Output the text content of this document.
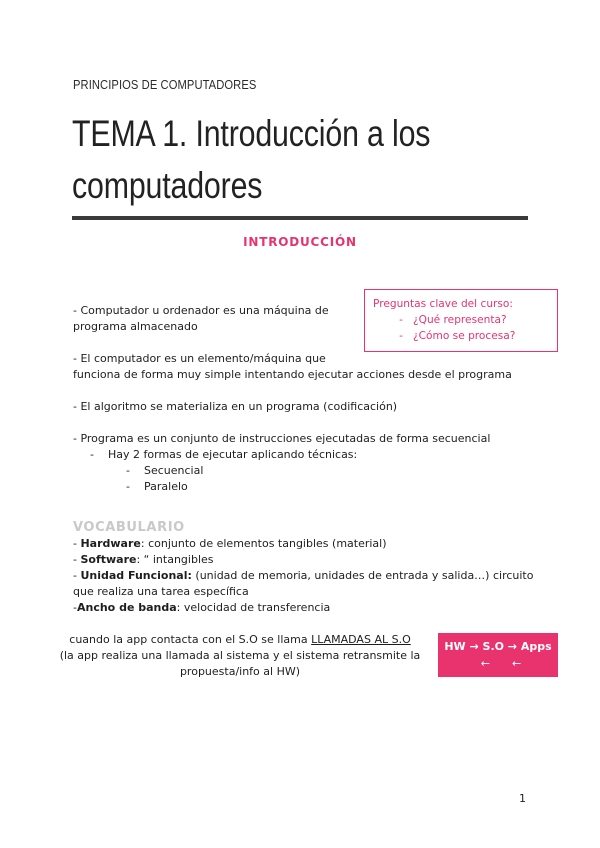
PRINCIPIOS DE COMPUTADORES
TEMA 1. Introducción a los
computadores
INTRODUCCIÓN
Preguntas clave del curso:
- ¿Qué representa?
- ¿Cómo se procesa?
- Computador u ordenador es una máquina de
programa almacenado
- El computador es un elemento/máquina que
funciona de forma muy simple intentando ejecutar acciones desde el programa
- El algoritmo se materializa en un programa (codificación)
- Programa es un conjunto de instrucciones ejecutadas de forma secuencial
-	Hay 2 formas de ejecutar aplicando técnicas:
-	Secuencial
-	Paralelo
VOCABULARIO
- Hardware: conjunto de elementos tangibles (material)
- Software: “ intangibles
- Unidad Funcional: (unidad de memoria, unidades de entrada y salida…) circuito
que realiza una tarea específica
-Ancho de banda: velocidad de transferencia
cuando la app contacta con el S.O se llama LLAMADAS AL S.O
(la app realiza una llamada al sistema y el sistema retransmite la
propuesta/info al HW)
HW → S.O → Apps
← ←
1
